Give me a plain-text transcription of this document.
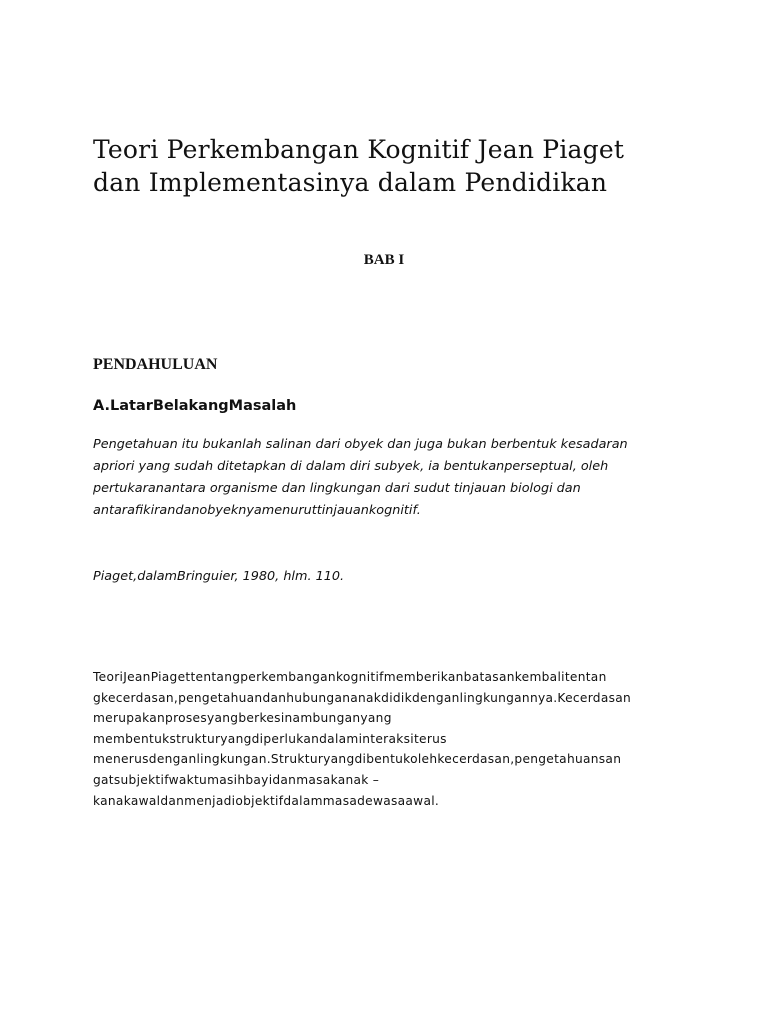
Teori Perkembangan Kognitif Jean Piaget
dan Implementasinya dalam Pendidikan
BAB I
PENDAHULUAN
A.LatarBelakangMasalah

Pengetahuan itu bukanlah salinan dari obyek dan juga bukan berbentuk kesadaran
apriori yang sudah ditetapkan di dalam diri subyek, ia bentukanperseptual, oleh
pertukaranantara organisme dan lingkungan dari sudut tinjauan biologi dan
antarafikirandanobyeknyamenuruttinjauankognitif.

Piaget,dalamBringuier, 1980, hlm. 110.

TeoriJeanPiagettentangperkembangankognitifmemberikanbatasankembalitentan
gkecerdasan,pengetahuandanhubungananakdidikdenganlingkungannya.Kecerdasan
merupakanprosesyangberkesinambunganyang
membentukstrukturyangdiperlukandalaminteraksiterus
menerusdenganlingkungan.Strukturyangdibentukolehkecerdasan,pengetahuansan
gatsubjektifwaktumasihbayidanmasakanak –
kanakawaldanmenjadiobjektifdalammasadewasaawal.
